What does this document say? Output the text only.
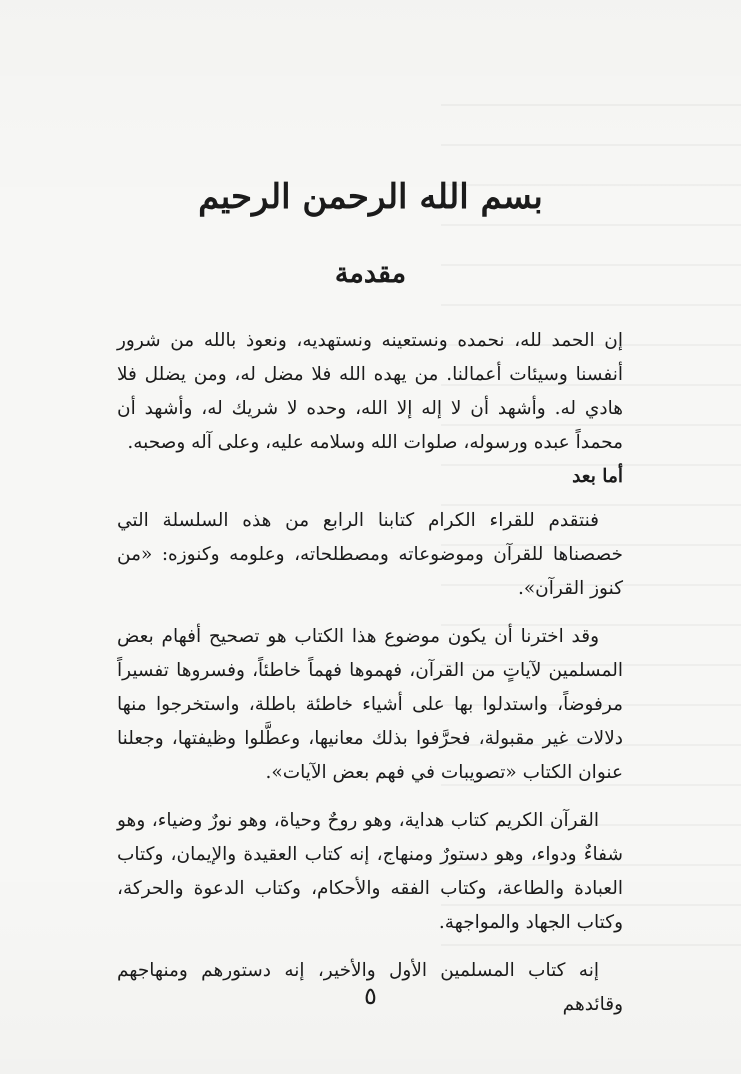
بسم الله الرحمن الرحيم
مقدمة

إن الحمد لله، نحمده ونستعينه ونستهديه، ونعوذ بالله من شرور أنفسنا وسيئات أعمالنا. من يهده الله فلا مضل له، ومن يضلل فلا هادي له. وأشهد أن لا إله إلا الله، وحده لا شريك له، وأشهد أن محمداً عبده ورسوله، صلوات الله وسلامه عليه، وعلى آله وصحبه.

أما بعد

فنتقدم للقراء الكرام كتابنا الرابع من هذه السلسلة التي خصصناها للقرآن وموضوعاته ومصطلحاته، وعلومه وكنوزه: «من كنوز القرآن».

وقد اخترنا أن يكون موضوع هذا الكتاب هو تصحيح أفهام بعض المسلمين لآياتٍ من القرآن، فهموها فهماً خاطئاً، وفسروها تفسيراً مرفوضاً، واستدلوا بها على أشياء خاطئة باطلة، واستخرجوا منها دلالات غير مقبولة، فحرَّفوا بذلك معانيها، وعطَّلوا وظيفتها، وجعلنا عنوان الكتاب «تصويبات في فهم بعض الآيات».

القرآن الكريم كتاب هداية، وهو روحٌ وحياة، وهو نورٌ وضياء، وهو شفاءٌ ودواء، وهو دستورٌ ومنهاج، إنه كتاب العقيدة والإيمان، وكتاب العبادة والطاعة، وكتاب الفقه والأحكام، وكتاب الدعوة والحركة، وكتاب الجهاد والمواجهة.

إنه كتاب المسلمين الأول والأخير، إنه دستورهم ومنهاجهم وقائدهم

٥
